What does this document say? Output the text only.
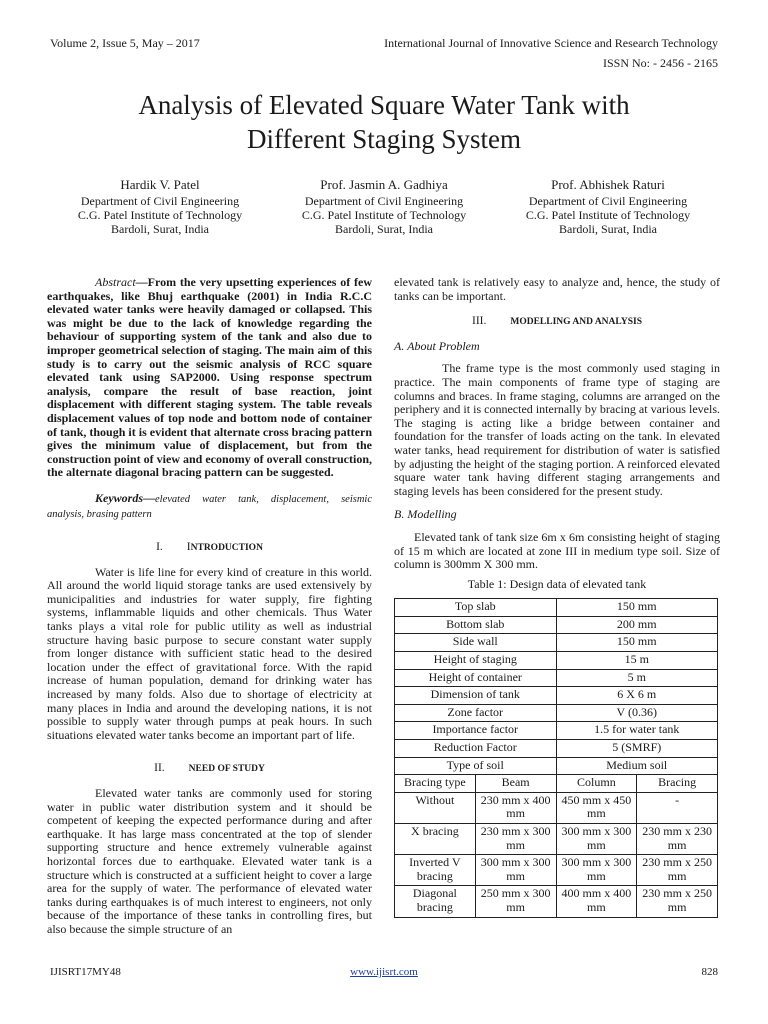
Volume 2, Issue 5, May – 2017	International Journal of Innovative Science and Research Technology
ISSN No: - 2456 - 2165
Analysis of Elevated Square Water Tank with
Different Staging System
Hardik V. Patel
Department of Civil Engineering
C.G. Patel Institute of Technology
Bardoli, Surat, India
Prof. Jasmin A. Gadhiya
Department of Civil Engineering
C.G. Patel Institute of Technology
Bardoli, Surat, India
Prof. Abhishek Raturi
Department of Civil Engineering
C.G. Patel Institute of Technology
Bardoli, Surat, India

Abstract—From the very upsetting experiences of few earthquakes, like Bhuj earthquake (2001) in India R.C.C elevated water tanks were heavily damaged or collapsed. This was might be due to the lack of knowledge regarding the behaviour of supporting system of the tank and also due to improper geometrical selection of staging. The main aim of this study is to carry out the seismic analysis of RCC square elevated tank using SAP2000. Using response spectrum analysis, compare the result of base reaction, joint displacement with different staging system. The table reveals displacement values of top node and bottom node of container of tank, though it is evident that alternate cross bracing pattern gives the minimum value of displacement, but from the construction point of view and economy of overall construction, the alternate diagonal bracing pattern can be suggested.

Keywords—elevated water tank, displacement, seismic analysis, brasing pattern

I. INTRODUCTION

Water is life line for every kind of creature in this world. All around the world liquid storage tanks are used extensively by municipalities and industries for water supply, fire fighting systems, inflammable liquids and other chemicals. Thus Water tanks plays a vital role for public utility as well as industrial structure having basic purpose to secure constant water supply from longer distance with sufficient static head to the desired location under the effect of gravitational force. With the rapid increase of human population, demand for drinking water has increased by many folds. Also due to shortage of electricity at many places in India and around the developing nations, it is not possible to supply water through pumps at peak hours. In such situations elevated water tanks become an important part of life.

II.	NEED OF STUDY

Elevated water tanks are commonly used for storing water in public water distribution system and it should be competent of keeping the expected performance during and after earthquake. It has large mass concentrated at the top of slender supporting structure and hence extremely vulnerable against horizontal forces due to earthquake. Elevated water tank is a structure which is constructed at a sufficient height to cover a large area for the supply of water. The performance of elevated water tanks during earthquakes is of much interest to engineers, not only because of the importance of these tanks in controlling fires, but also because the simple structure of an

elevated tank is relatively easy to analyze and, hence, the study of tanks can be important.

III.	MODELLING AND ANALYSIS
A. About Problem

The frame type is the most commonly used staging in practice. The main components of frame type of staging are columns and braces. In frame staging, columns are arranged on the periphery and it is connected internally by bracing at various levels. The staging is acting like a bridge between container and foundation for the transfer of loads acting on the tank. In elevated water tanks, head requirement for distribution of water is satisfied by adjusting the height of the staging portion. A reinforced elevated square water tank having different staging arrangements and staging levels has been considered for the present study.

B. Modelling

Elevated tank of tank size 6m x 6m consisting height of staging of 15 m which are located at zone III in medium type soil. Size of column is 300mm X 300 mm.

Table 1: Design data of elevated tank
Top slab		150 mm	
Bottom slab		200 mm	
Side wall		150 mm	
Height of staging		15 m	
Height of container		5 m	
Dimension of tank		6 X 6 m	
Zone factor		V (0.36)	
Importance factor		1.5 for water tank	
Reduction Factor		5 (SMRF)	
Type of soil		Medium soil	
Bracing type	Beam	Column	Bracing
Without	230 mm x 400 mm	450 mm x 450 mm	-
X bracing	230 mm x 300 mm	300 mm x 300 mm	230 mm x 230 mm
Inverted V bracing	300 mm x 300 mm	300 mm x 300 mm	230 mm x 250 mm
Diagonal bracing	250 mm x 300 mm	400 mm x 400 mm	230 mm x 250 mm
IJISRT17MY48	www.ijisrt.com	828
